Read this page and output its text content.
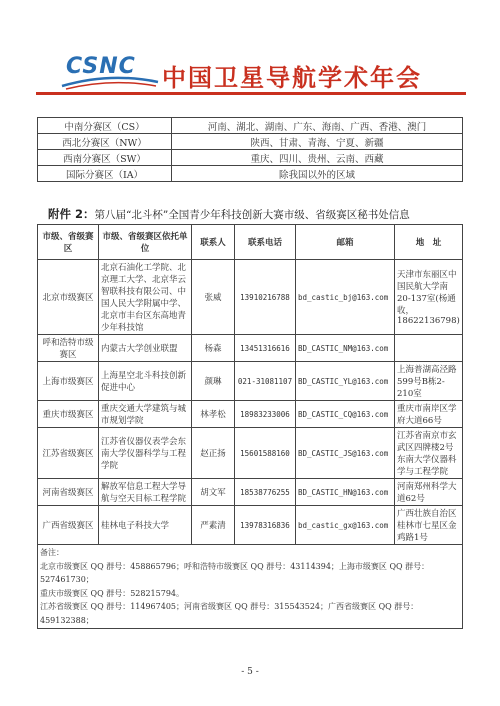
CSNC 中国卫星导航学术年会
中南分赛区（CS）	河南、湖北、湖南、广东、海南、广西、香港、澳门
西北分赛区（NW）	陕西、甘肃、青海、宁夏、新疆
西南分赛区（SW）	重庆、四川、贵州、云南、西藏
国际分赛区（IA）	除我国以外的区域
附件 2：第八届“北斗杯”全国青少年科技创新大赛市级、省级赛区秘书处信息
市级、省级赛区	市级、省级赛区依托单位	联系人	联系电话	邮箱	地　址
北京市级赛区	北京石油化工学院、北京理工大学、北京华云智联科技有限公司、中国人民大学附属中学、北京市丰台区东高地青少年科技馆	张威	13910216788	bd_castic_bj@163.com	天津市东丽区中国民航大学南20-137室(杨通收，18622136798)
呼和浩特市级赛区	内蒙古大学创业联盟	杨森	13451316616	BD_CASTIC_NM@163.com	
上海市级赛区	上海星空北斗科技创新促进中心	颜琳	021-31081107	BD_CASTIC_YL@163.com	上海普湖高泾路599号B栋2-210室
重庆市级赛区	重庆交通大学建筑与城市规划学院	林孝松	18983233006	BD_CASTIC_CQ@163.com	重庆市南岸区学府大道66号
江苏省级赛区	江苏省仪器仪表学会东南大学仪器科学与工程学院	赵正扬	15601588160	BD_CASTIC_JS@163.com	江苏省南京市玄武区四牌楼2号东南大学仪器科学与工程学院
河南省级赛区	解放军信息工程大学导航与空天目标工程学院	胡文军	18538776255	BD_CASTIC_HN@163.com	河南郑州科学大道62号
广西省级赛区	桂林电子科技大学	严素清	13978316836	bd_castic_gx@163.com	广西壮族自治区桂林市七星区金鸡路1号

备注：
北京市级赛区 QQ 群号：458865796；呼和浩特市级赛区 QQ 群号：43114394；上海市级赛区 QQ 群号：527461730；
重庆市级赛区 QQ 群号：528215794。
江苏省级赛区 QQ 群号：114967405；河南省级赛区 QQ 群号：315543524；广西省级赛区 QQ 群号：459132388；					
- 5 -
